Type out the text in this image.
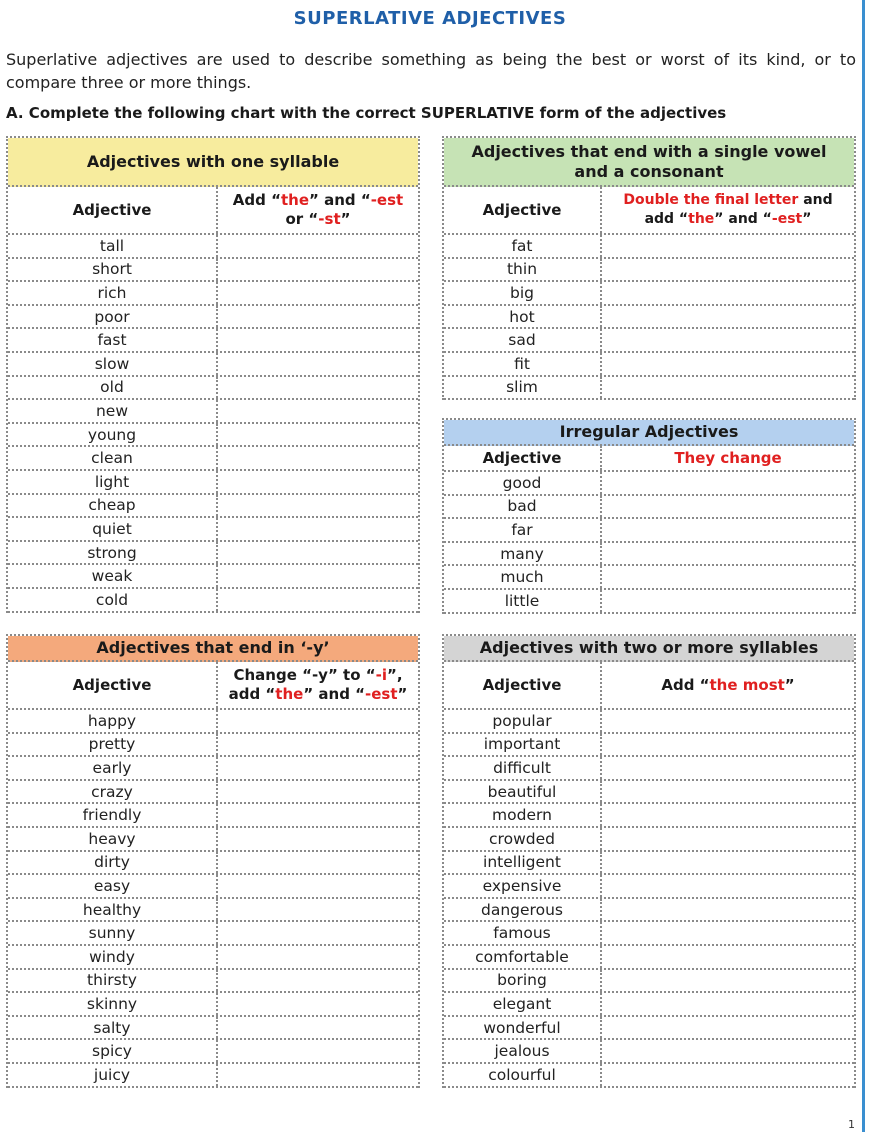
SUPERLATIVE ADJECTIVES
Superlative adjectives are used to describe something as being the best or worst of its kind, or to compare three or more things.
A. Complete the following chart with the correct SUPERLATIVE form of the adjectives
Adjectives with one syllable
Adjective
Add “the” and “-est
or “-st”
tall
short
rich
poor
fast
slow
old
new
young
clean
light
cheap
quiet
strong
weak
cold
Adjectives that end with a single vowel
and a consonant
Adjective
Double the final letter and
add “the” and “-est”
fat
thin
big
hot
sad
fit
slim
Irregular Adjectives
Adjective	They change
good
bad
far
many
much
little
Adjectives that end in ‘-y’
Adjective
Change “-y” to “-i”,
add “the” and “-est”
happy
pretty
early
crazy
friendly
heavy
dirty
easy
healthy
sunny
windy
thirsty
skinny
salty
spicy
juicy
Adjectives with two or more syllables
Adjective	Add “the most”
popular
important
difficult
beautiful
modern
crowded
intelligent
expensive
dangerous
famous
comfortable
boring
elegant
wonderful
jealous
colourful
1
